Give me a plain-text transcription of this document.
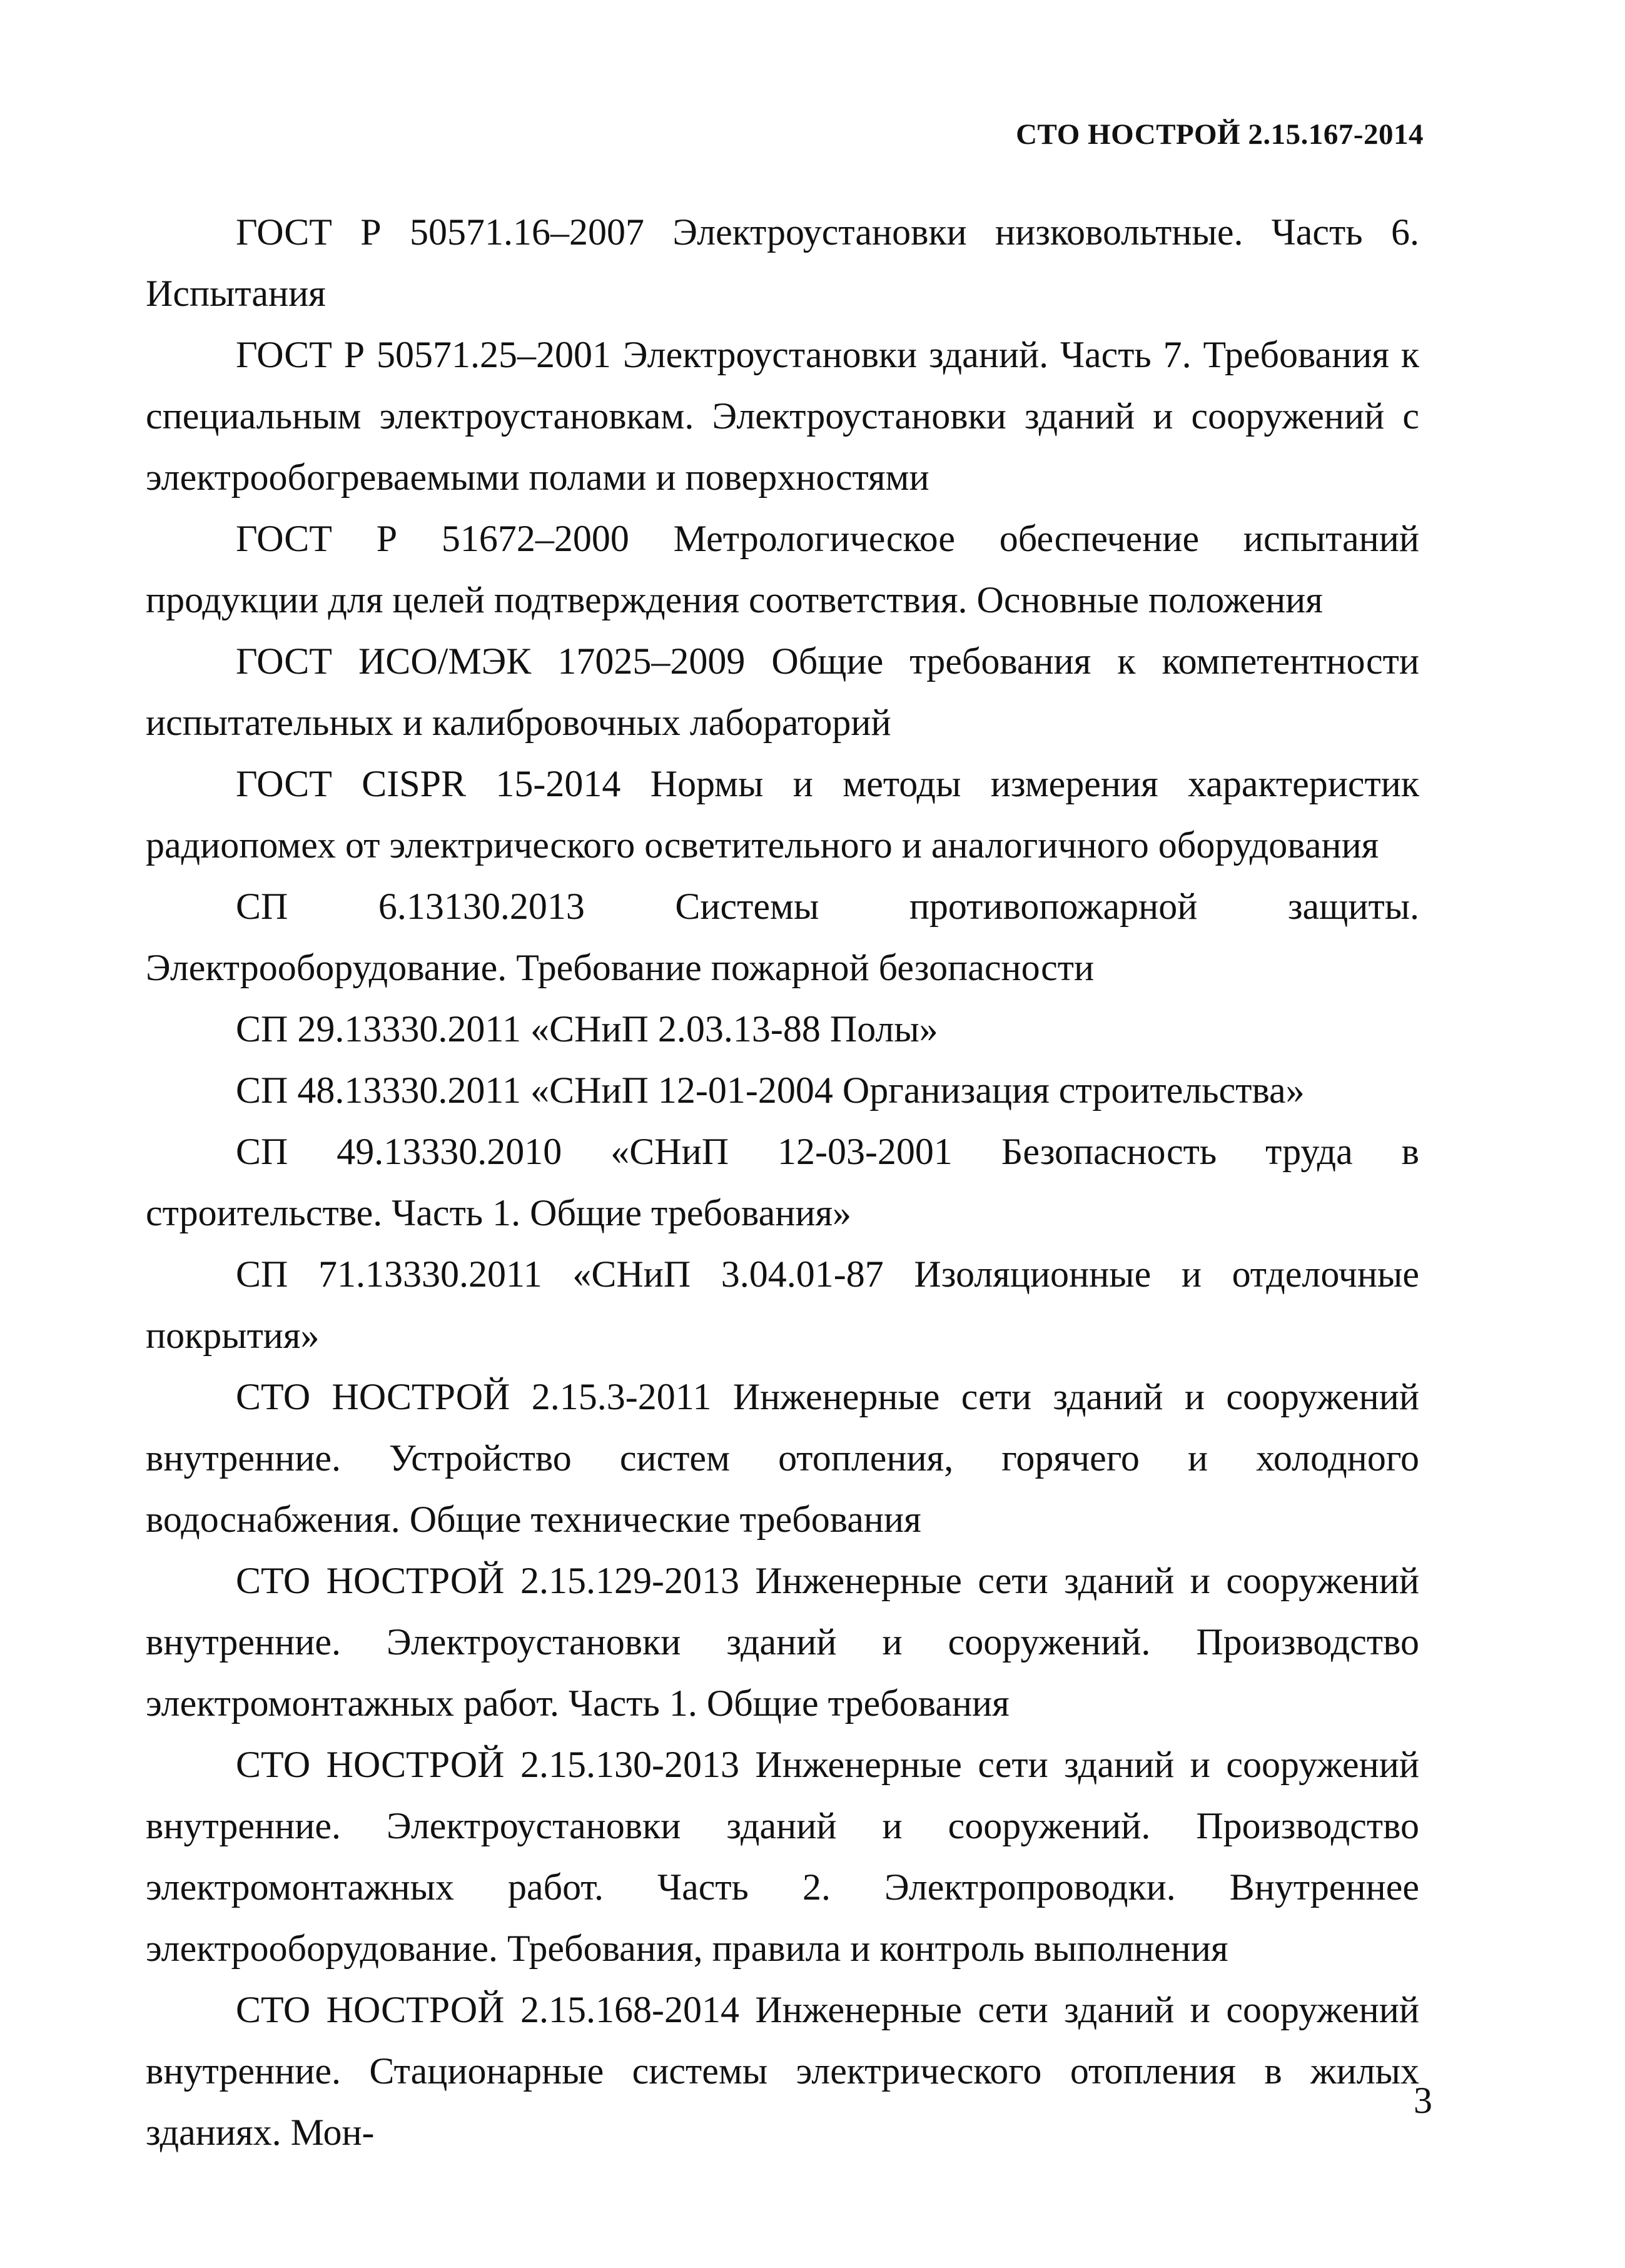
СТО НОСТРОЙ 2.15.167-2014

ГОСТ Р 50571.16–2007 Электроустановки низковольтные. Часть 6. Испытания

ГОСТ Р 50571.25–2001 Электроустановки зданий. Часть 7. Требования к специальным электроустановкам. Электроустановки зданий и сооружений с электрообогреваемыми полами и поверхностями

ГОСТ Р 51672–2000 Метрологическое обеспечение испытаний продукции для целей подтверждения соответствия. Основные положения

ГОСТ ИСО/МЭК 17025–2009 Общие требования к компетентности испытательных и калибровочных лабораторий

ГОСТ CISPR 15-2014 Нормы и методы измерения характеристик радиопомех от электрического осветительного и аналогичного оборудования

СП 6.13130.2013 Системы противопожарной защиты. Электрооборудование. Требование пожарной безопасности

СП 29.13330.2011 «СНиП 2.03.13-88 Полы»

СП 48.13330.2011 «СНиП 12-01-2004 Организация строительства»

СП 49.13330.2010 «СНиП 12-03-2001 Безопасность труда в строительстве. Часть 1. Общие требования»

СП 71.13330.2011 «СНиП 3.04.01-87 Изоляционные и отделочные покрытия»

СТО НОСТРОЙ 2.15.3-2011 Инженерные сети зданий и сооружений внутренние. Устройство систем отопления, горячего и холодного водоснабжения. Общие технические требования

СТО НОСТРОЙ 2.15.129-2013 Инженерные сети зданий и сооружений внутренние. Электроустановки зданий и сооружений. Производство электромонтажных работ. Часть 1. Общие требования

СТО НОСТРОЙ 2.15.130-2013 Инженерные сети зданий и сооружений внутренние. Электроустановки зданий и сооружений. Производство электромонтажных работ. Часть 2. Электропроводки. Внутреннее электрооборудование. Требования, правила и контроль выполнения

СТО НОСТРОЙ 2.15.168-2014 Инженерные сети зданий и сооружений внутренние. Стационарные системы электрического отопления в жилых зданиях. Мон-

3
